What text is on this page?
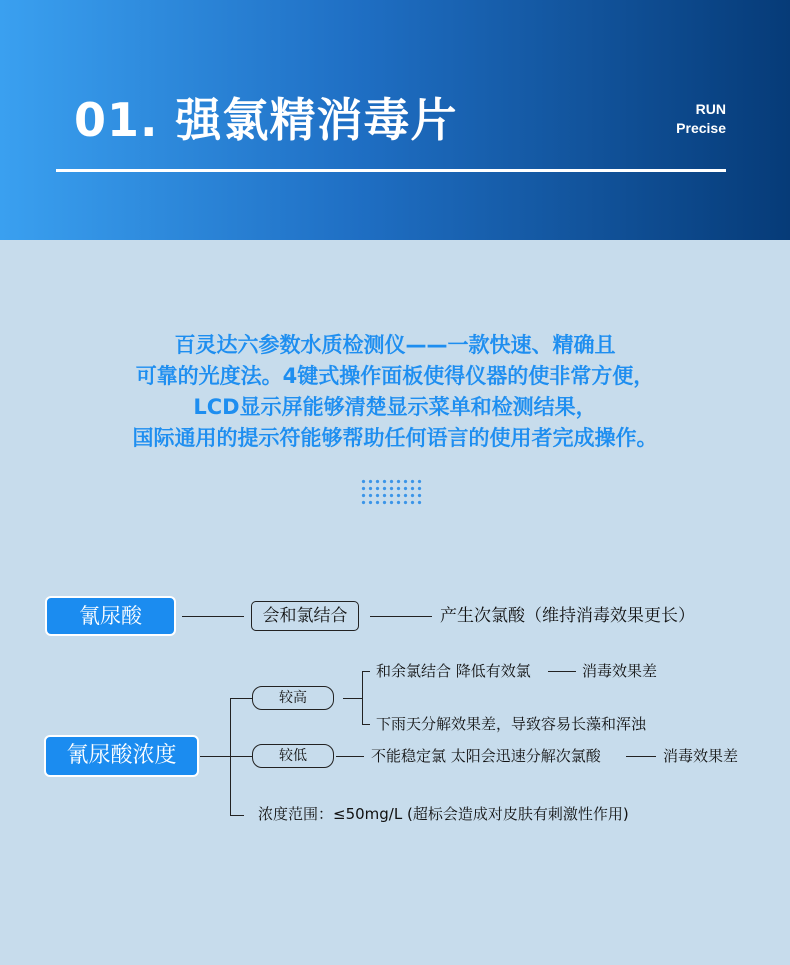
01. 强氯精消毒片	RUN
Precise
百灵达六参数水质检测仪——一款快速、精确且
可靠的光度法。4键式操作面板使得仪器的使非常方便，
LCD显示屏能够清楚显示菜单和检测结果，
国际通用的提示符能够帮助任何语言的使用者完成操作。
氰尿酸	会和氯结合	产生次氯酸（维持消毒效果更长）
氰尿酸浓度
较高
和余氯结合 降低有效氯	消毒效果差
下雨天分解效果差，导致容易长藻和浑浊
较低	不能稳定氯 太阳会迅速分解次氯酸	消毒效果差
浓度范围：≤50mg/L (超标会造成对皮肤有刺激性作用)
